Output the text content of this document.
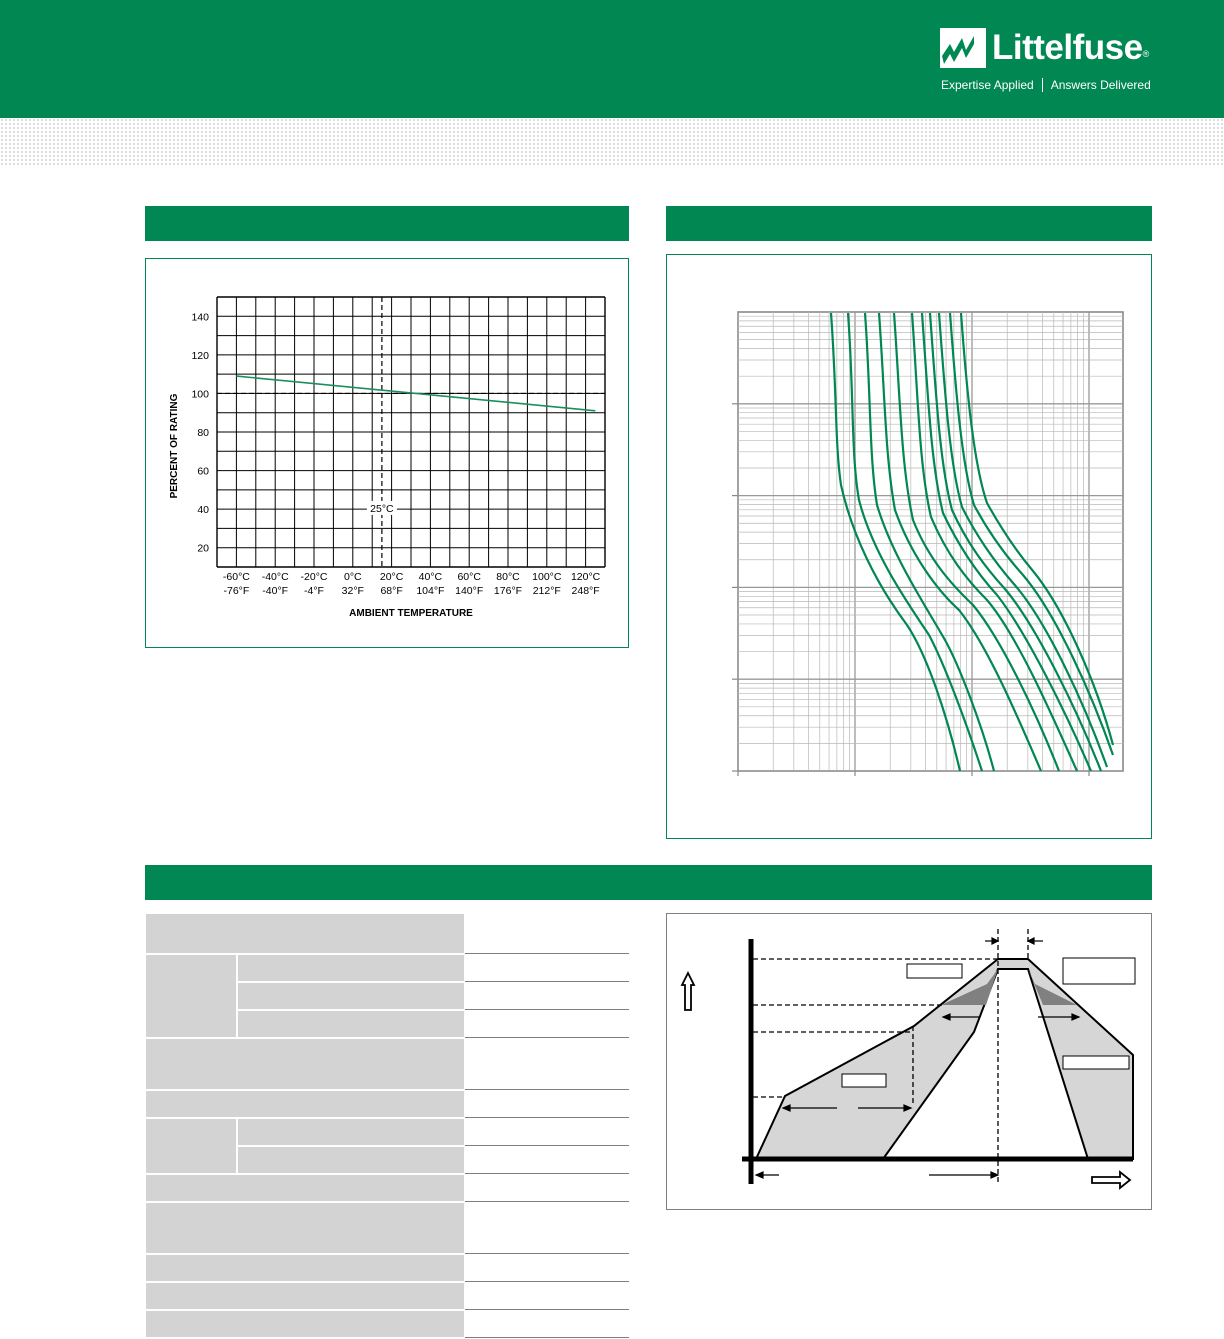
Littelfuse®
Expertise Applied Answers Delivered
140
120
100
80
60
40
20
-60°C
-76°F
-40°C
-40°F
-20°C
-4°F
0°C
32°F
20°C
68°F
40°C
104°F
60°C
140°F
80°C
176°F
100°C
212°F
120°C
248°F
25°C
PERCENT OF RATING
AMBIENT TEMPERATURE
